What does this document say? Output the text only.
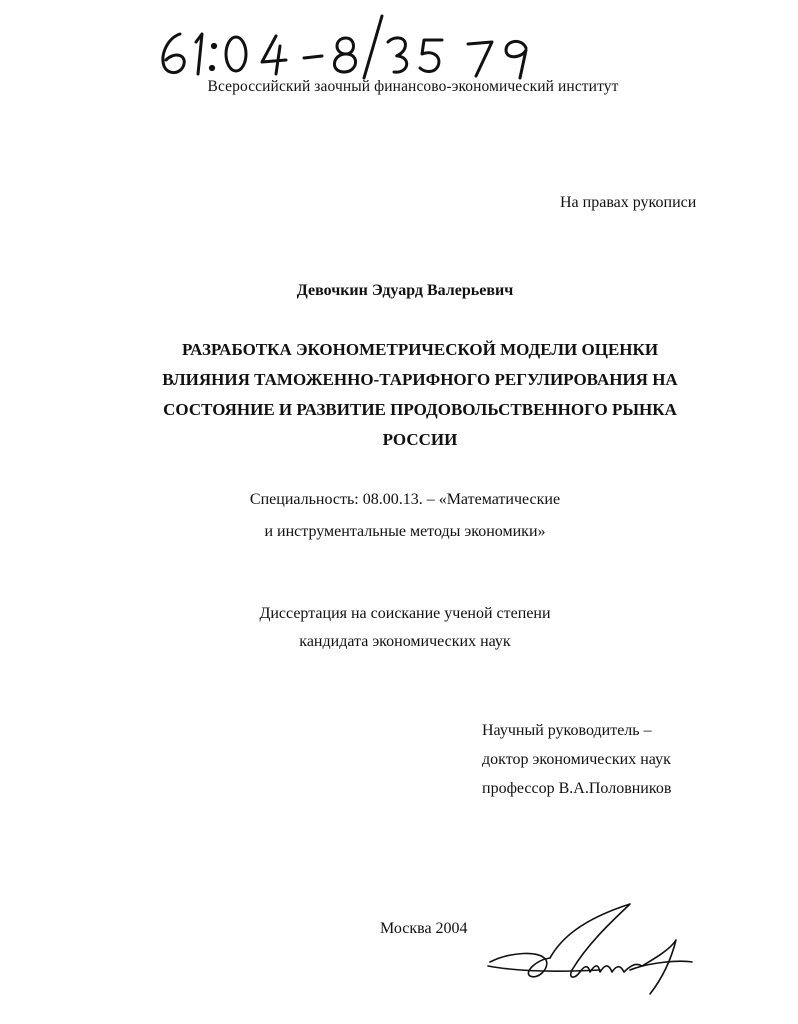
Всероссийский заочный финансово-экономический институт
На правах рукописи
Девочкин Эдуард Валерьевич
РАЗРАБОТКА ЭКОНОМЕТРИЧЕСКОЙ МОДЕЛИ ОЦЕНКИ
ВЛИЯНИЯ ТАМОЖЕННО-ТАРИФНОГО РЕГУЛИРОВАНИЯ НА
СОСТОЯНИЕ И РАЗВИТИЕ ПРОДОВОЛЬСТВЕННОГО РЫНКА
РОССИИ
Специальность: 08.00.13. – «Математические
и инструментальные методы экономики»
Диссертация на соискание ученой степени
кандидата экономических наук
Научный руководитель –
доктор экономических наук
профессор В.А.Половников
Москва 2004
